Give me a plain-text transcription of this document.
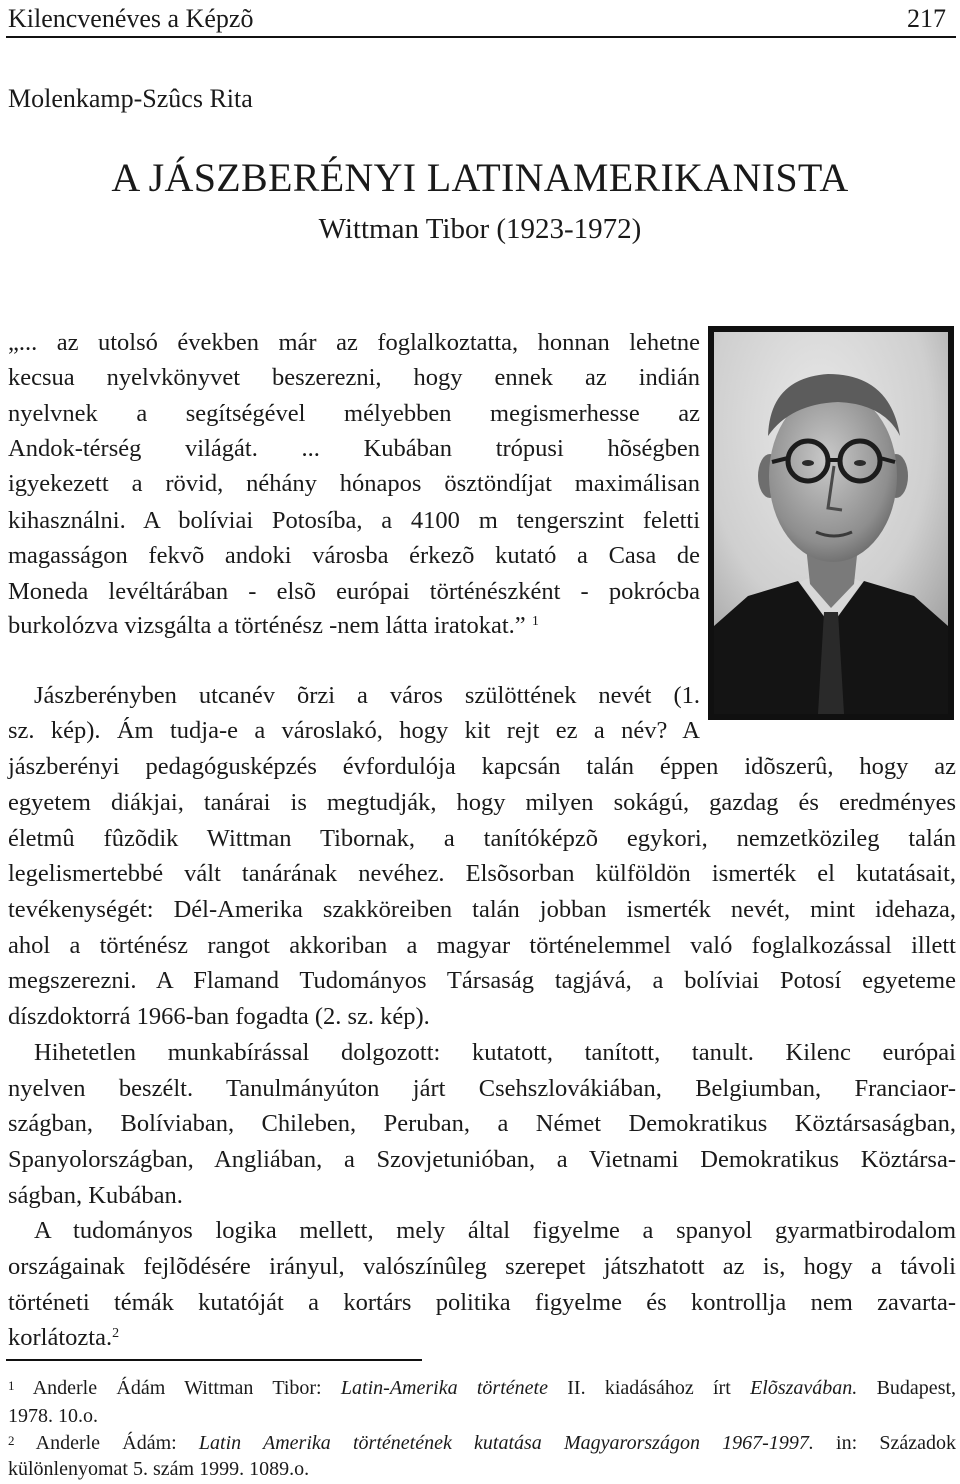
Kilencvenéves a Képzõ	217
Molenkamp-Szûcs Rita
A JÁSZBERÉNYI LATINAMERIKANISTA
Wittman Tibor (1923-1972)
„... az utolsó években már az foglalkoztatta, honnan lehetne
kecsua nyelvkönyvet beszerezni, hogy ennek az indián
nyelvnek a segítségével mélyebben megismerhesse az
Andok-térség világát. ... Kubában trópusi hõségben
igyekezett a rövid, néhány hónapos ösztöndíjat maximálisan
kihasználni. A bolíviai Potosíba, a 4100 m tengerszint feletti
magasságon fekvõ andoki városba érkezõ kutató a Casa de
Moneda levéltárában - elsõ európai történészként - pokrócba
burkolózva vizsgálta a történész -nem látta iratokat.” $^1$
Jászberényben utcanév õrzi a város szülöttének nevét (1.
sz. kép). Ám tudja-e a városlakó, hogy kit rejt ez a név? A
jászberényi pedagógusképzés évfordulója kapcsán talán éppen idõszerû, hogy az
egyetem diákjai, tanárai is megtudják, hogy milyen sokágú, gazdag és eredményes
életmû fûzõdik Wittman Tibornak, a tanítóképzõ egykori, nemzetközileg talán
legelismertebbé vált tanárának nevéhez. Elsõsorban külföldön ismerték el kutatásait,
tevékenységét: Dél-Amerika szakköreiben talán jobban ismerték nevét, mint idehaza,
ahol a történész rangot akkoriban a magyar történelemmel való foglalkozással illett
megszerezni. A Flamand Tudományos Társaság tagjává, a bolíviai Potosí egyeteme
díszdoktorrá 1966-ban fogadta (2. sz. kép).
Hihetetlen munkabírással dolgozott: kutatott, tanított, tanult. Kilenc európai
nyelven beszélt. Tanulmányúton járt Csehszlovákiában, Belgiumban, Franciaor-
szágban, Bolíviaban, Chileben, Peruban, a Német Demokratikus Köztársaságban,
Spanyolországban, Angliában, a Szovjetunióban, a Vietnami Demokratikus Köztársa-
ságban, Kubában.
A tudományos logika mellett, mely által figyelme a spanyol gyarmatbirodalom
országainak fejlõdésére irányul, valószínûleg szerepet játszhatott az is, hogy a távoli
történeti témák kutatóját a kortárs politika figyelme és kontrollja nem zavarta-
korlátozta.$^2$
$^1$ Anderle Ádám Wittman Tibor: Latin-Amerika története II. kiadásához írt Elõszavában. Budapest,
1978. 10.o.
$^2$ Anderle Ádám: Latin Amerika történetének kutatása Magyarországon 1967-1997. in: Századok
különlenyomat 5. szám 1999. 1089.o.
